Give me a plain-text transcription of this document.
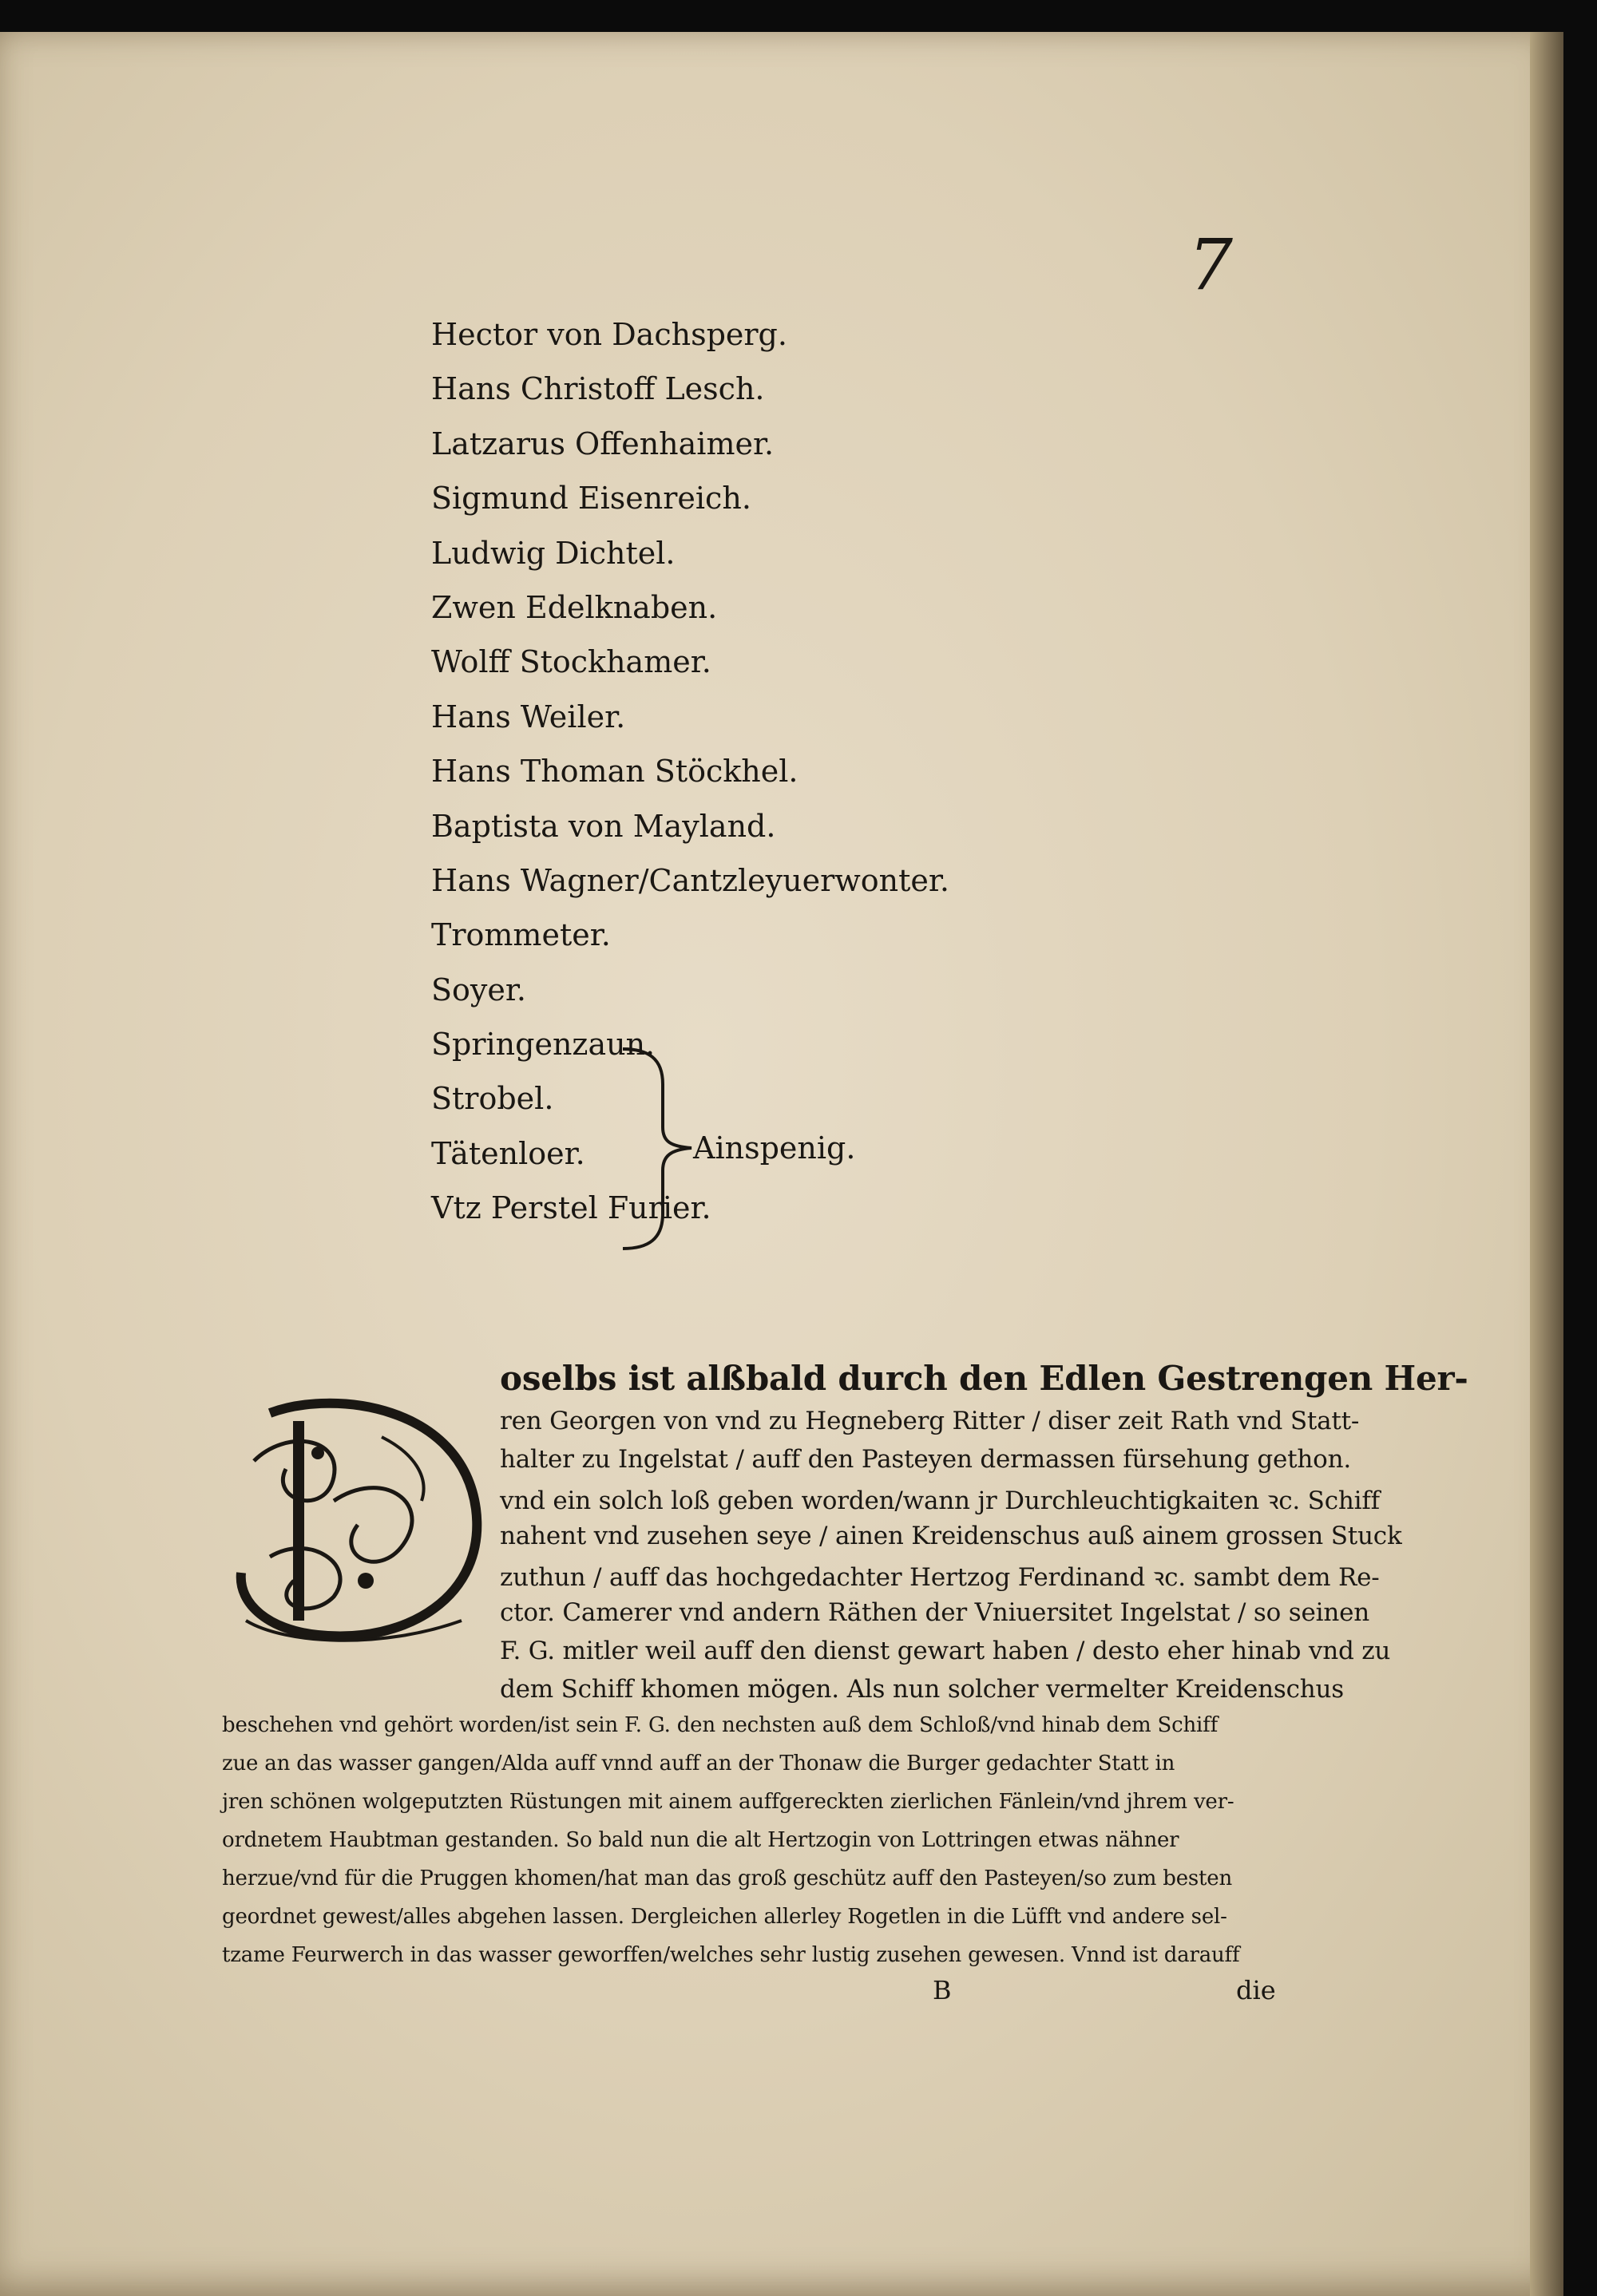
7
Hector von Dachsperg.
Hans Christoff Lesch.
Latzarus Offenhaimer.
Sigmund Eisenreich.
Ludwig Dichtel.
Zwen Edelknaben.
Wolff Stockhamer.
Hans Weiler.
Hans Thoman Stöckhel.
Baptista von Mayland.
Hans Wagner/Cantzleyuerwonter.
Trommeter.
Soyer.
Springenzaun.
Strobel.
Tätenloer.
Vtz Perstel Furier.
Ainspenig.
oselbs ist alßbald durch den Edlen Gestrengen Her-
ren Georgen von vnd zu Hegneberg Ritter / diser zeit Rath vnd Statt-
halter zu Ingelstat / auff den Pasteyen dermassen fürsehung gethon.
vnd ein solch loß geben worden/wann jr Durchleuchtigkaiten ꝛc. Schiff
nahent vnd zusehen seye / ainen Kreidenschus auß ainem grossen Stuck
zuthun / auff das hochgedachter Hertzog Ferdinand ꝛc. sambt dem Re-
ctor. Camerer vnd andern Räthen der Vniuersitet Ingelstat / so seinen
F. G. mitler weil auff den dienst gewart haben / desto eher hinab vnd zu
dem Schiff khomen mögen. Als nun solcher vermelter Kreidenschus
beschehen vnd gehört worden/ist sein F. G. den nechsten auß dem Schloß/vnd hinab dem Schiff
zue an das wasser gangen/Alda auff vnnd auff an der Thonaw die Burger gedachter Statt in
jren schönen wolgeputzten Rüstungen mit ainem auffgereckten zierlichen Fänlein/vnd jhrem ver-
ordnetem Haubtman gestanden. So bald nun die alt Hertzogin von Lottringen etwas nähner
herzue/vnd für die Pruggen khomen/hat man das groß geschütz auff den Pasteyen/so zum besten
geordnet gewest/alles abgehen lassen. Dergleichen allerley Rogetlen in die Lüfft vnd andere sel-
tzame Feurwerch in das wasser geworffen/welches sehr lustig zusehen gewesen. Vnnd ist darauff
B	die
